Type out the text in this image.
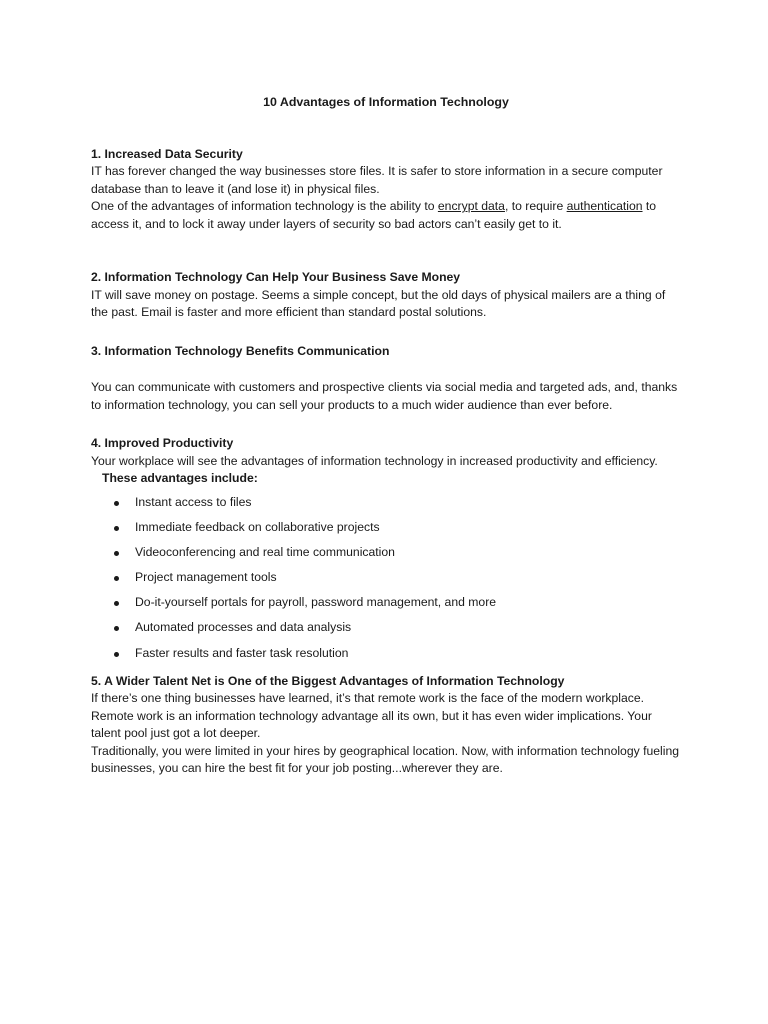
10 Advantages of Information Technology

1. Increased Data Security

IT has forever changed the way businesses store files. It is safer to store information in a secure computer database than to leave it (and lose it) in physical files.

One of the advantages of information technology is the ability to encrypt data, to require authentication to access it, and to lock it away under layers of security so bad actors can’t easily get to it.

2. Information Technology Can Help Your Business Save Money

IT will save money on postage. Seems a simple concept, but the old days of physical mailers are a thing of the past. Email is faster and more efficient than standard postal solutions.

3. Information Technology Benefits Communication

You can communicate with customers and prospective clients via social media and targeted ads, and, thanks to information technology, you can sell your products to a much wider audience than ever before.

4. Improved Productivity

Your workplace will see the advantages of information technology in increased productivity and efficiency.

These advantages include:

Instant access to files
Immediate feedback on collaborative projects
Videoconferencing and real time communication
Project management tools
Do-it-yourself portals for payroll, password management, and more
Automated processes and data analysis
Faster results and faster task resolution

5. A Wider Talent Net is One of the Biggest Advantages of Information Technology

If there’s one thing businesses have learned, it’s that remote work is the face of the modern workplace. Remote work is an information technology advantage all its own, but it has even wider implications. Your talent pool just got a lot deeper.

Traditionally, you were limited in your hires by geographical location. Now, with information technology fueling businesses, you can hire the best fit for your job posting...wherever they are.
